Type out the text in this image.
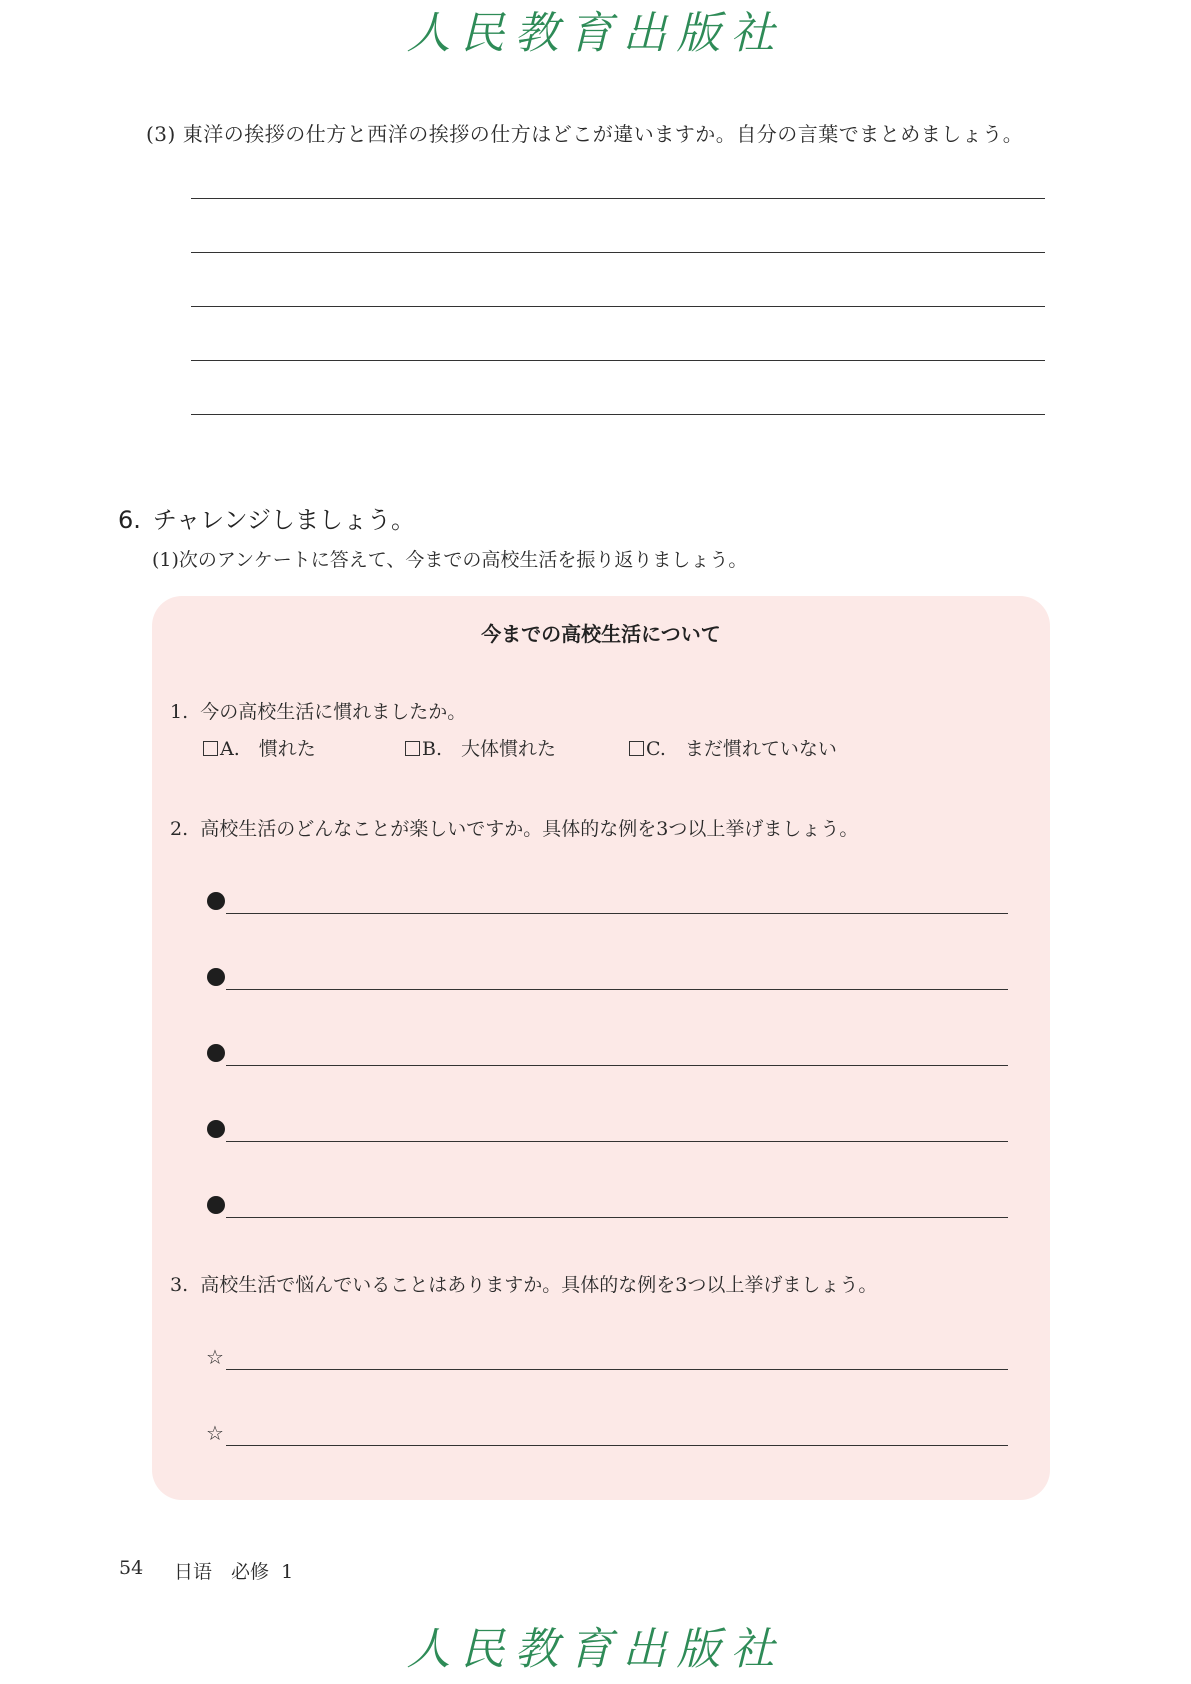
人民教育出版社
(3) 東洋の挨拶の仕方と西洋の挨拶の仕方はどこが違いますか。自分の言葉でまとめましょう。
6. チャレンジしましょう。
(1)次のアンケートに答えて、今までの高校生活を振り返りましょう。
今までの高校生活について
1. 今の高校生活に慣れましたか。
A.　慣れた	B.　大体慣れた	C.　まだ慣れていない
2. 高校生活のどんなことが楽しいですか。具体的な例を3つ以上挙げましょう。
3. 高校生活で悩んでいることはありますか。具体的な例を3つ以上挙げましょう。
☆
☆
54 日语　必修 1
人民教育出版社
